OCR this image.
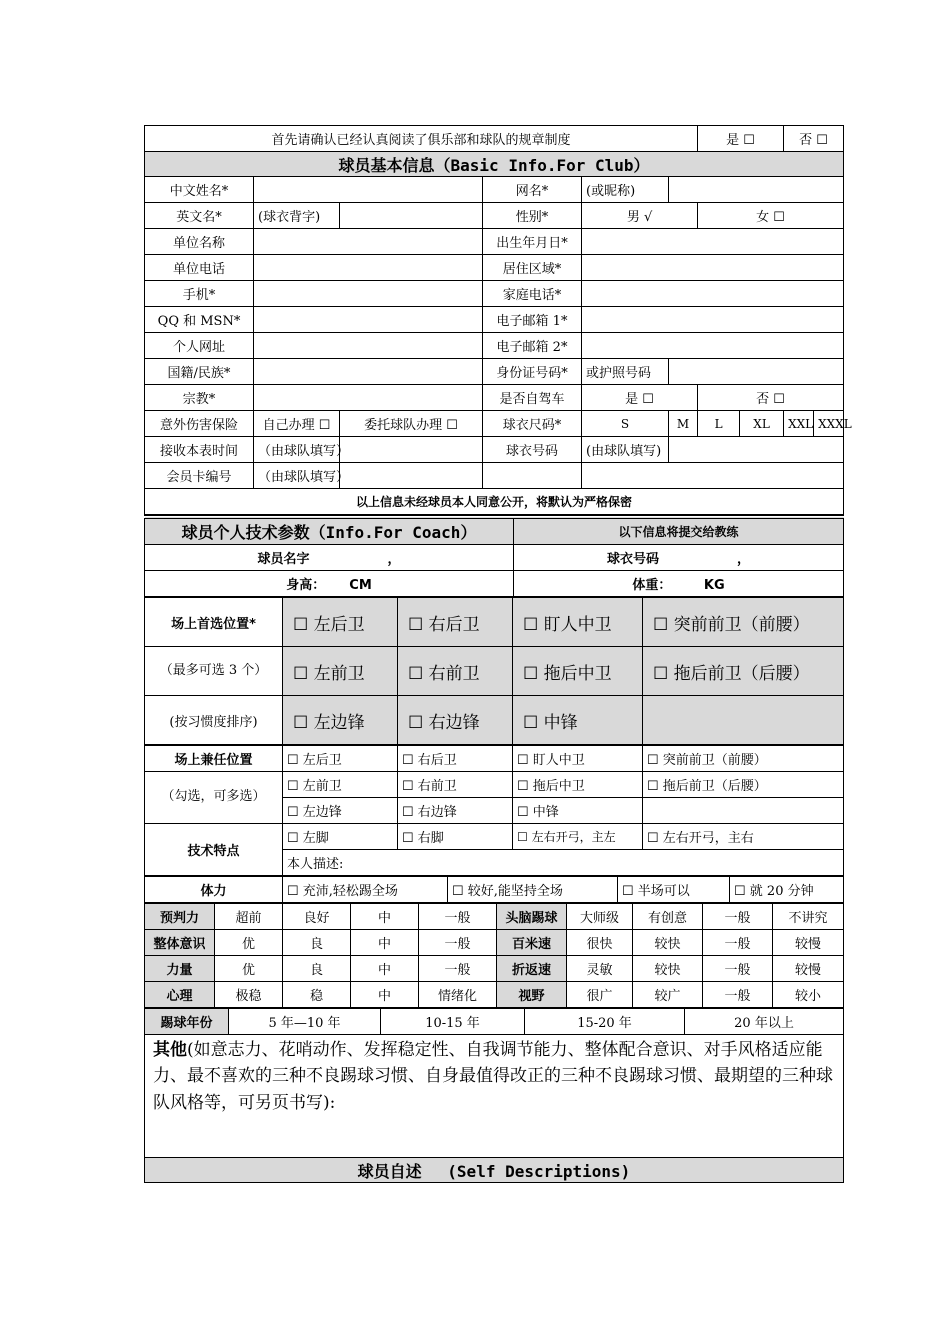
首先请确认已经认真阅读了俱乐部和球队的规章制度						是 ☐		否 ☐	
球员基本信息（Basic Info.For Club）									
中文姓名*			网名*	(或昵称)					
英文名*	(球衣背字)		性别*	男 √		女 ☐			
单位名称			出生年月日*						
单位电话			居住区域*						
手机*			家庭电话*						
QQ 和 MSN*			电子邮箱 1*						
个人网址			电子邮箱 2*						
国籍/民族*			身份证号码*	或护照号码					
宗教*			是否自驾车	是 ☐		否 ☐			
意外伤害保险	自己办理 ☐	委托球队办理 ☐	球衣尺码*	S	M	L	XL	XXL	XXXL
接收本表时间	（由球队填写）		球衣号码	(由球队填写)					
会员卡编号	（由球队填写）								
以上信息未经球员本人同意公开，将默认为严格保密									
球员个人技术参数（Info.For Coach）	以下信息将提交给教练
球员名字　　　　　　，	球衣号码　　　　　　，
身高：　　 CM	体重：　　　KG
场上首选位置*	☐ 左后卫	☐ 右后卫	☐ 盯人中卫	☐ 突前前卫（前腰）
（最多可选 3 个）	☐ 左前卫	☐ 右前卫	☐ 拖后中卫	☐ 拖后前卫（后腰）
(按习惯度排序)	☐ 左边锋	☐ 右边锋	☐ 中锋	
场上兼任位置	☐ 左后卫	☐ 右后卫	☐ 盯人中卫	☐ 突前前卫（前腰）
（勾选，可多选）	☐ 左前卫	☐ 右前卫	☐ 拖后中卫	☐ 拖后前卫（后腰）
	☐ 左边锋	☐ 右边锋	☐ 中锋	
技术特点	☐ 左脚	☐ 右脚	☐ 左右开弓，主左	☐ 左右开弓，主右
	本人描述:			
体力	☐ 充沛,轻松踢全场	☐ 较好,能坚持全场	☐ 半场可以	☐ 就 20 分钟
预判力	超前	良好	中	一般	头脑踢球	大师级	有创意	一般	不讲究
整体意识	优	良	中	一般	百米速	很快	较快	一般	较慢
力量	优	良	中	一般	折返速	灵敏	较快	一般	较慢
心理	极稳	稳	中	情绪化	视野	很广	较广	一般	较小
踢球年份	5 年—10 年	10-15 年	15-20 年	20 年以上
其他(如意志力、花哨动作、发挥稳定性、自我调节能力、整体配合意识、对手风格适应能力、最不喜欢的三种不良踢球习惯、自身最值得改正的三种不良踢球习惯、最期望的三种球队风格等，可另页书写):
球员自述　 (Self Descriptions)
